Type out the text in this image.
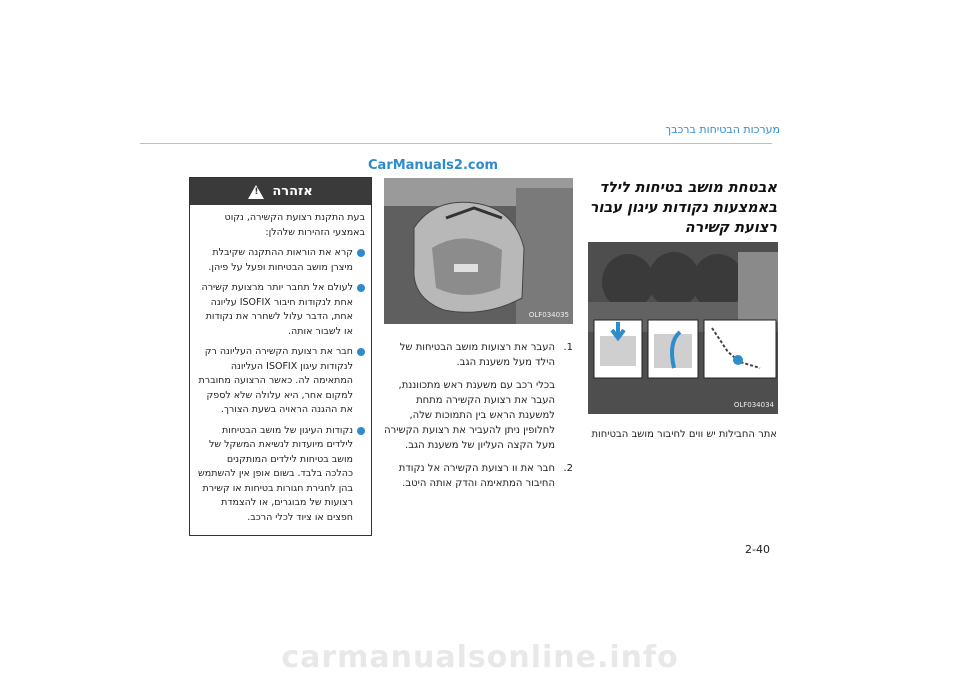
מערכות הבטיחות ברכבך
CarManuals2.com
אבטחת מושב בטיחות לילד
באמצעות נקודות עיגון עבור
רצועת קשירה
OLF034034
אתר החבילות יש ווים לחיבור מושב הבטיחות
OLF034035
1.
העבר את רצועות מושב הבטיחות של הילד מעל משענת הגב.
בכלי רכב עם משענת ראש מתכווננת, העבר את רצועת הקשירה מתחת למשענת הראש בין התמוכות שלה, לחלופין ניתן להעביר את רצועת הקשירה מעל הקצה העליון של משענת הגב.
2.
חבר את וו רצועת הקשירה אל נקודת החיבור המתאימה והדק אותה היטב.
אזהרה
!
בעת התקנת רצועת הקשירה, נקוט באמצעי הזהירות שלהלן:
קרא את הוראות ההתקנה שקיבלת מיצרן מושב הבטיחות ופעל על פיהן.
לעולם אל תחבר יותר מרצועת קשירה אחת לנקודות חיבור ISOFIX עליונה אחת, הדבר עלול לשחרר את נקודות או לשבור אותה.
חבר את רצועת הקשירה העליונה רק לנקודות עיגון ISOFIX העליונה המתאימה לה. כאשר הרצועה מחוברת למקום אחר, היא עלולה שלא לספק את ההגנה הראויה בשעת הצורך.
נקודות העיגון של מושב הבטיחות לילדים מיועדות לנשיאת המשקל של מושב בטיחות לילדים המותקנים כהלכה בלבד. בשום אופן אין להשתמש בהן לחגירת חגורות בטיחות או קשירת רצועות של מבוגרים, או להצמדת חפצים או ציוד לכלי הרכב.
2-40
carmanualsonline.info
